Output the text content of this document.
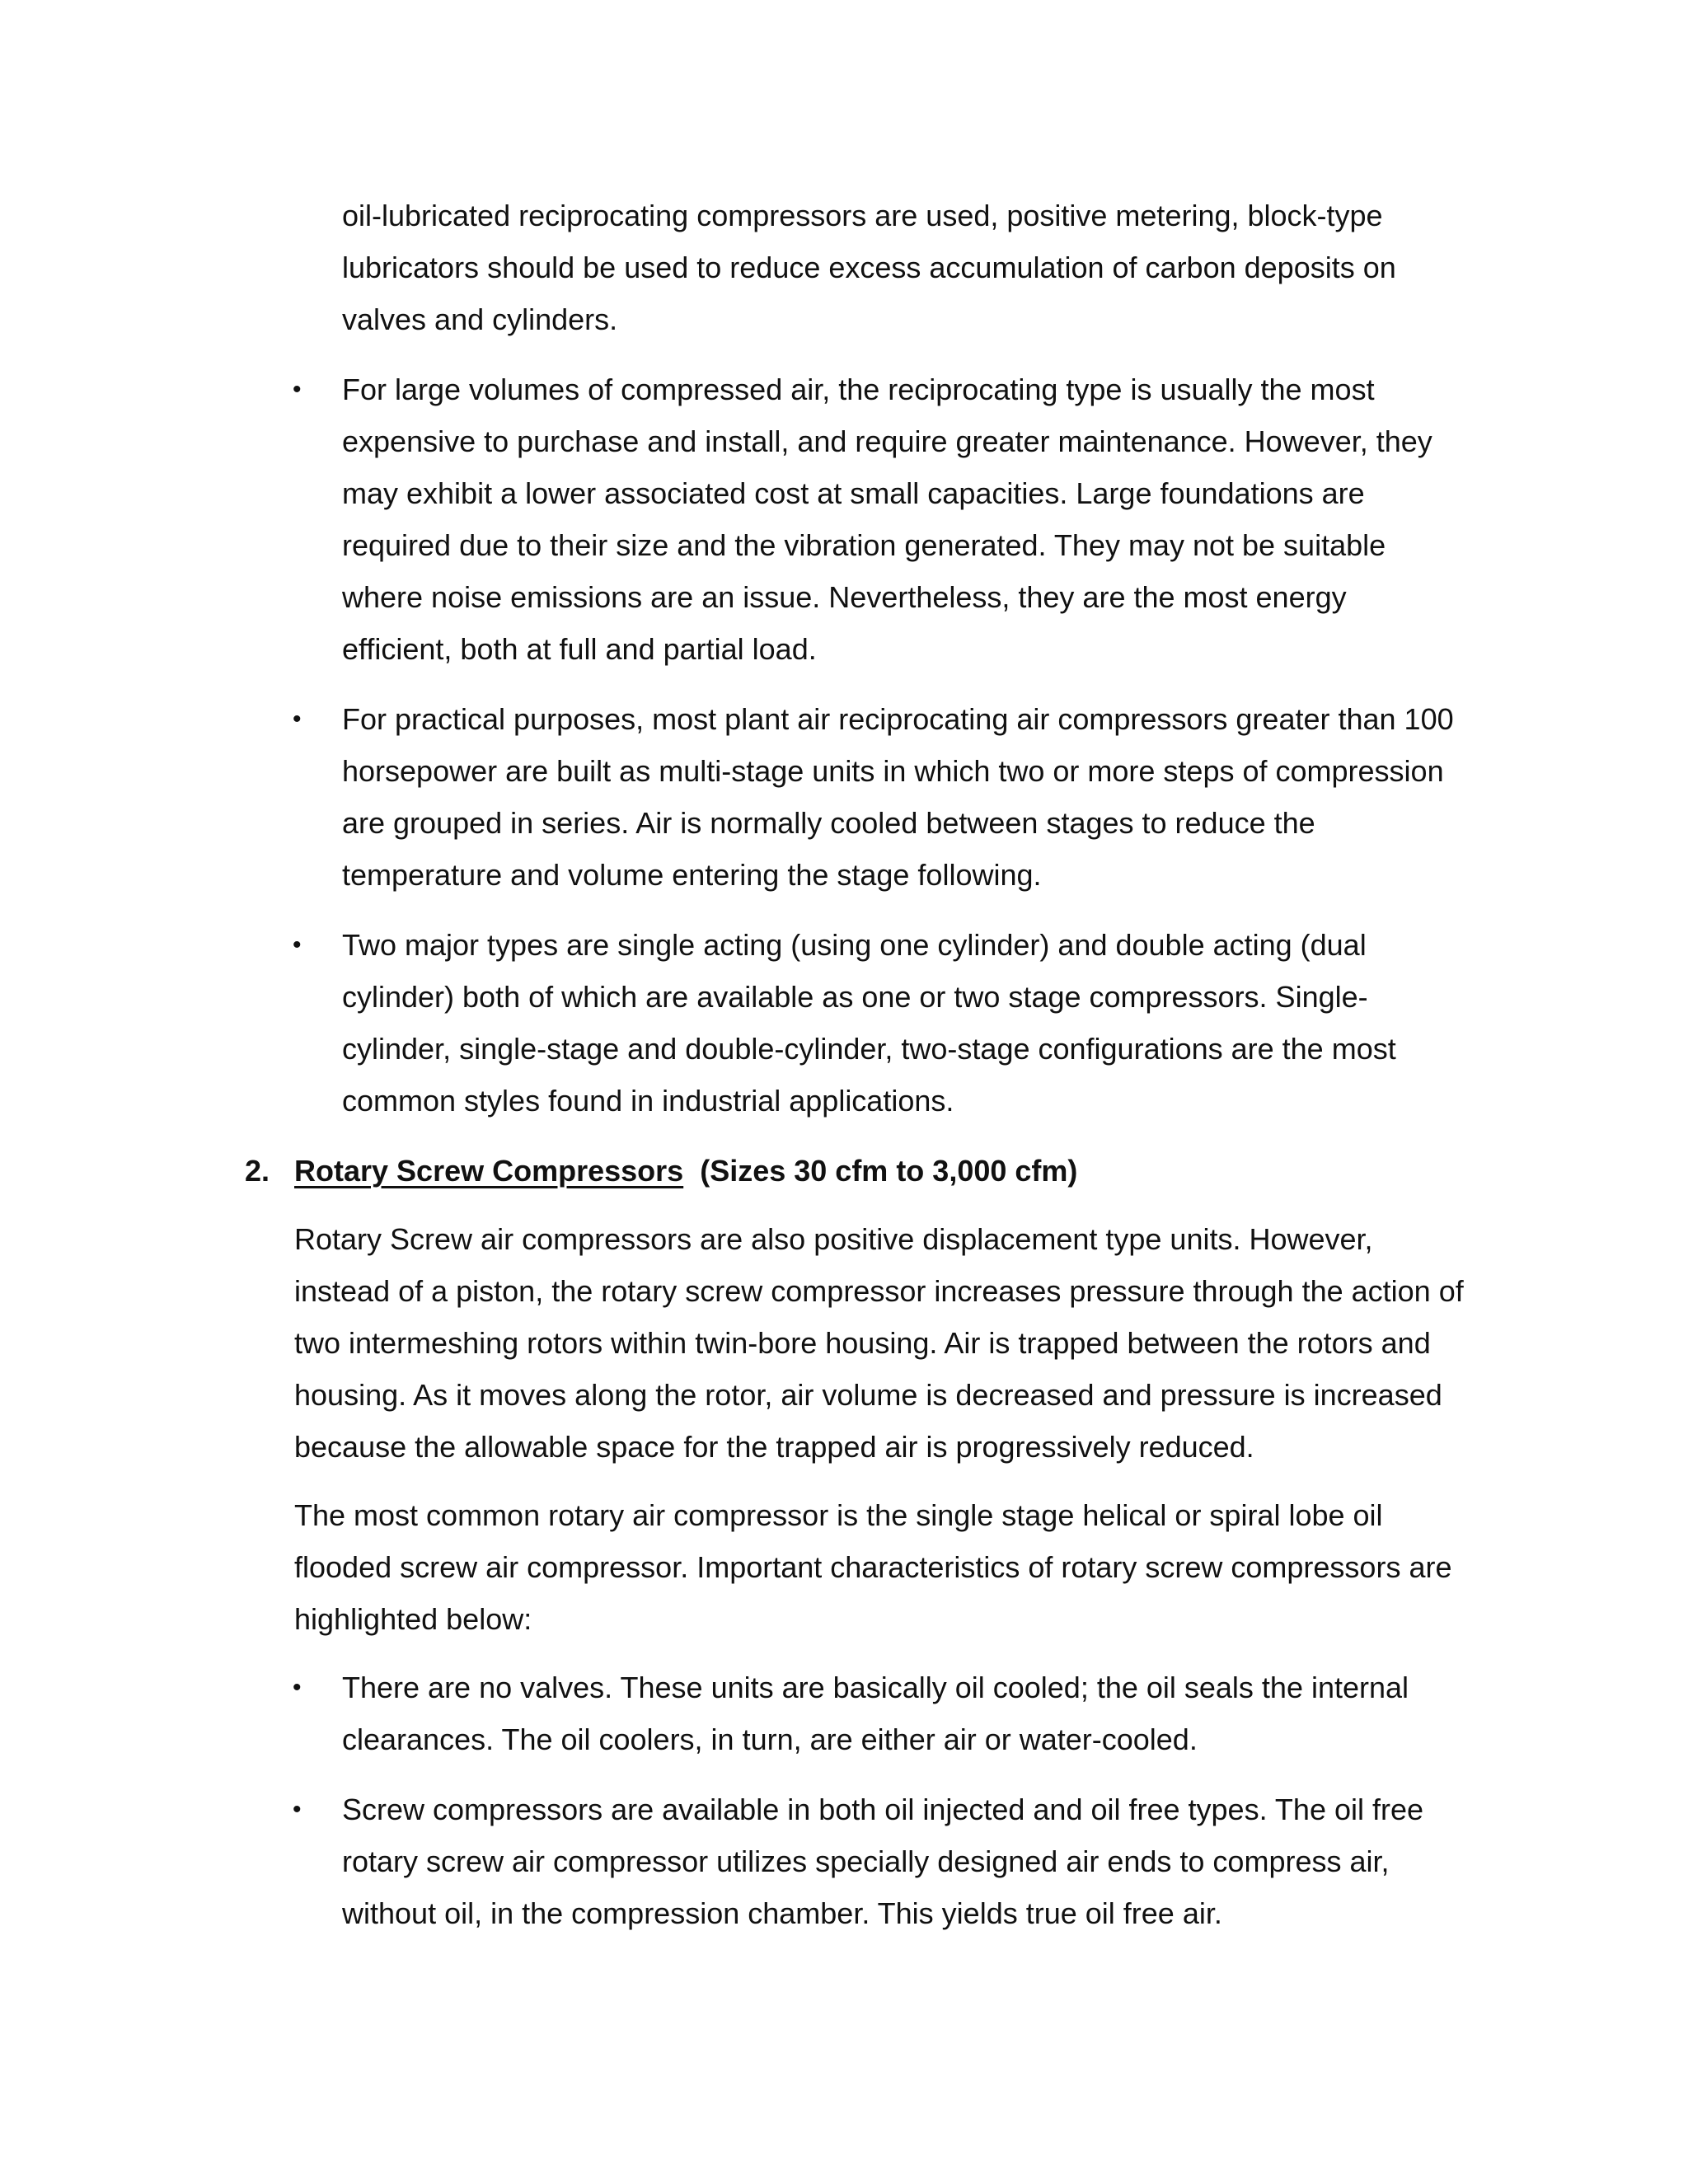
oil-lubricated reciprocating compressors are used, positive metering, block-type lubricators should be used to reduce excess accumulation of carbon deposits on valves and cylinders.

• For large volumes of compressed air, the reciprocating type is usually the most expensive to purchase and install, and require greater maintenance. However, they may exhibit a lower associated cost at small capacities. Large foundations are required due to their size and the vibration generated. They may not be suitable where noise emissions are an issue. Nevertheless, they are the most energy efficient, both at full and partial load.
• For practical purposes, most plant air reciprocating air compressors greater than 100 horsepower are built as multi-stage units in which two or more steps of compression are grouped in series. Air is normally cooled between stages to reduce the temperature and volume entering the stage following.
• Two major types are single acting (using one cylinder) and double acting (dual cylinder) both of which are available as one or two stage compressors. Single-cylinder, single-stage and double-cylinder, two-stage configurations are the most common styles found in industrial applications.
2. Rotary Screw Compressors (Sizes 30 cfm to 3,000 cfm)

Rotary Screw air compressors are also positive displacement type units. However, instead of a piston, the rotary screw compressor increases pressure through the action of two intermeshing rotors within twin-bore housing. Air is trapped between the rotors and housing. As it moves along the rotor, air volume is decreased and pressure is increased because the allowable space for the trapped air is progressively reduced.

The most common rotary air compressor is the single stage helical or spiral lobe oil flooded screw air compressor. Important characteristics of rotary screw compressors are highlighted below:

• There are no valves. These units are basically oil cooled; the oil seals the internal clearances. The oil coolers, in turn, are either air or water-cooled.
• Screw compressors are available in both oil injected and oil free types. The oil free rotary screw air compressor utilizes specially designed air ends to compress air, without oil, in the compression chamber. This yields true oil free air.
